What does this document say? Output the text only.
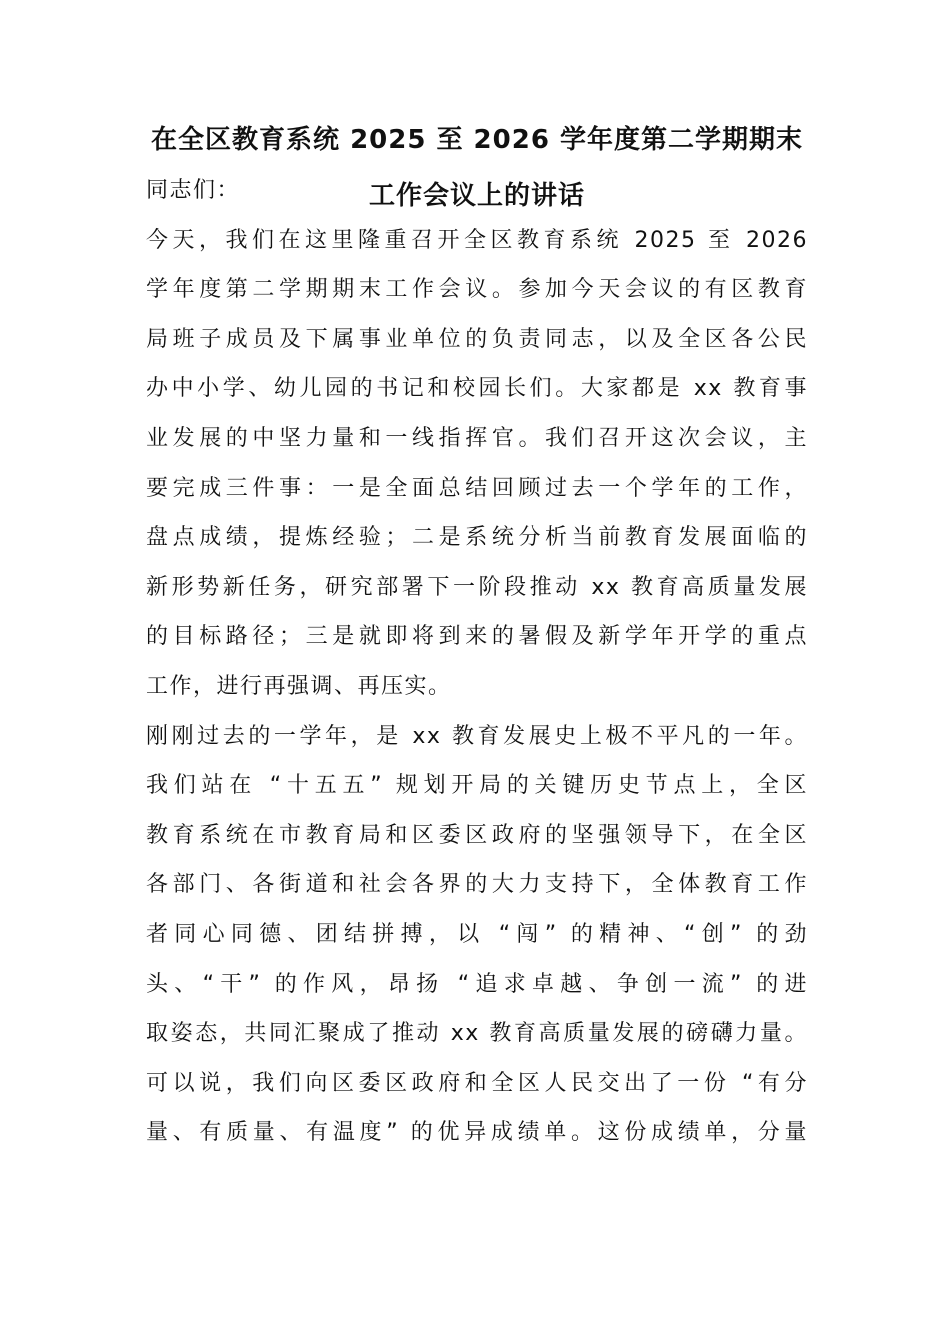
在全区教育系统 2025 至 2026 学年度第二学期期末
工作会议上的讲话
同志们：
今天，我们在这里隆重召开全区教育系统 2025 至 2026
学年度第二学期期末工作会议。参加今天会议的有区教育
局班子成员及下属事业单位的负责同志，以及全区各公民
办中小学、幼儿园的书记和校园长们。大家都是 xx 教育事
业发展的中坚力量和一线指挥官。我们召开这次会议，主
要完成三件事：一是全面总结回顾过去一个学年的工作，
盘点成绩，提炼经验；二是系统分析当前教育发展面临的
新形势新任务，研究部署下一阶段推动 xx 教育高质量发展
的目标路径；三是就即将到来的暑假及新学年开学的重点
工作，进行再强调、再压实。
刚刚过去的一学年，是 xx 教育发展史上极不平凡的一年。
我们站在 “十五五” 规划开局的关键历史节点上，全区
教育系统在市教育局和区委区政府的坚强领导下，在全区
各部门、各街道和社会各界的大力支持下，全体教育工作
者同心同德、团结拼搏，以 “闯” 的精神、“创” 的劲
头、“干” 的作风，昂扬 “追求卓越、争创一流” 的进
取姿态，共同汇聚成了推动 xx 教育高质量发展的磅礴力量。
可以说，我们向区委区政府和全区人民交出了一份 “有分
量、有质量、有温度” 的优异成绩单。这份成绩单，分量
